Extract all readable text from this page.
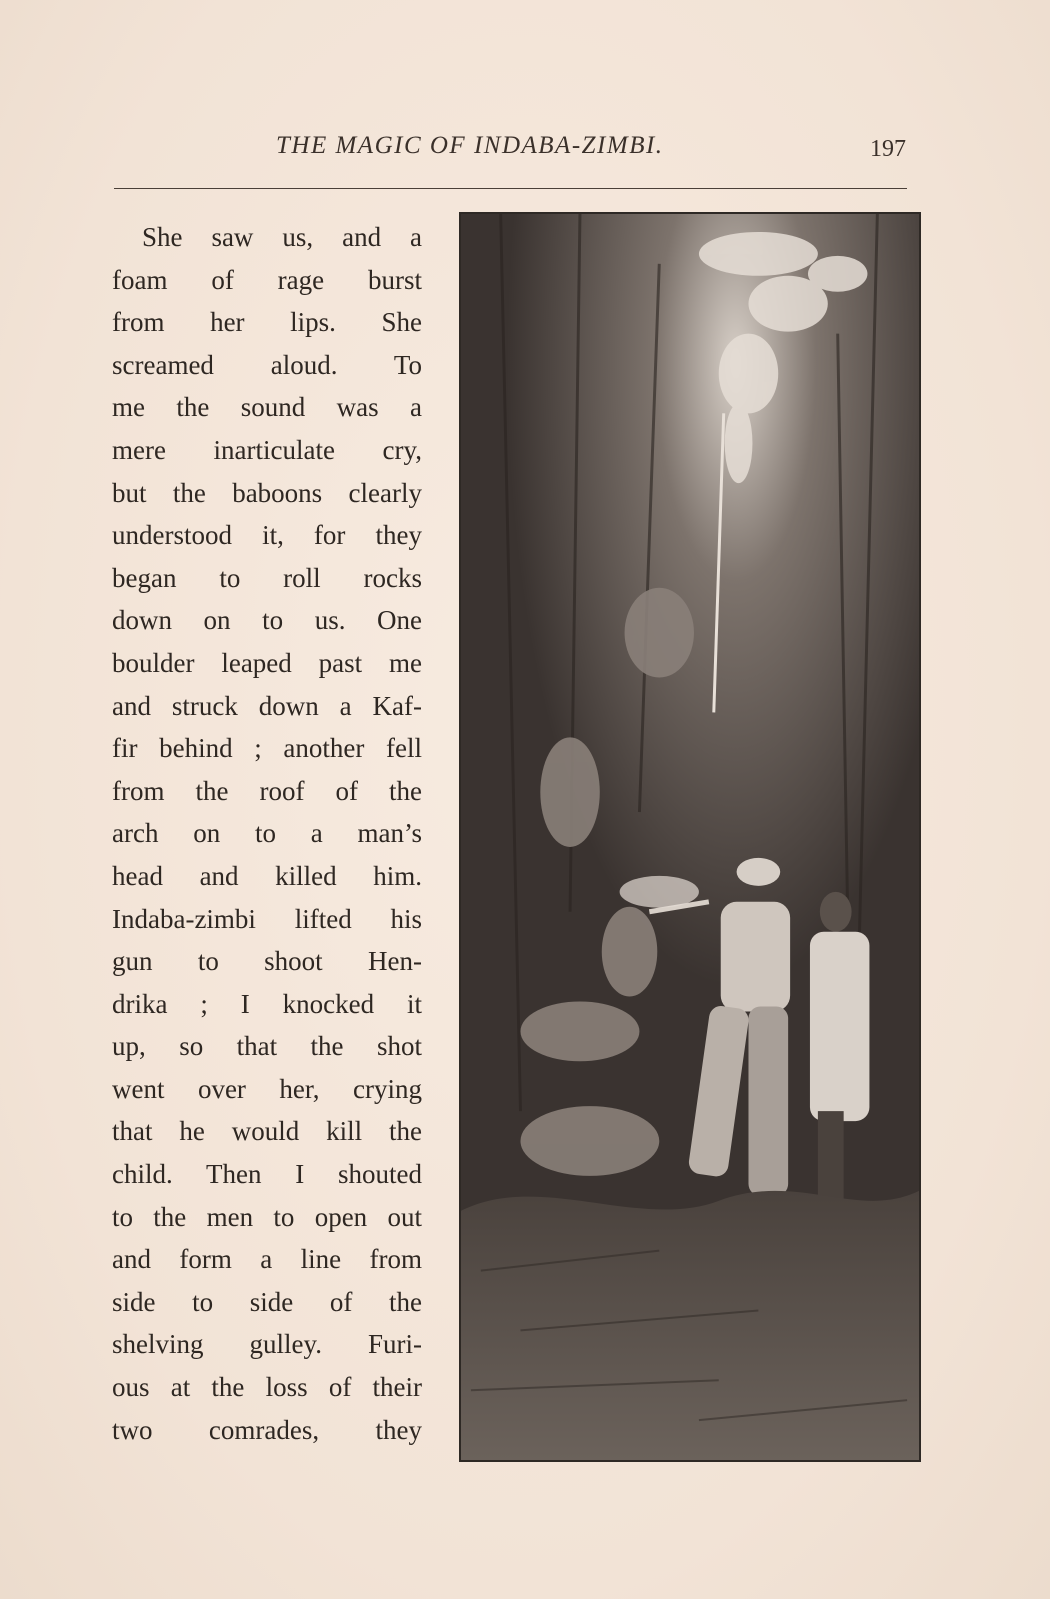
THE MAGIC OF INDABA-ZIMBI.	197
She saw us, and a
foam of rage burst
from her lips. She
screamed aloud. To
me the sound was a
mere inarticulate cry,
but the baboons clearly
understood it, for they
began to roll rocks
down on to us. One
boulder leaped past me
and struck down a Kaf-
fir behind ; another fell
from the roof of the
arch on to a man’s
head and killed him.
Indaba-zimbi lifted his
gun to shoot Hen-
drika ; I knocked it
up, so that the shot
went over her, crying
that he would kill the
child. Then I shouted
to the men to open out
and form a line from
side to side of the
shelving gulley. Furi-
ous at the loss of their
two comrades, they
